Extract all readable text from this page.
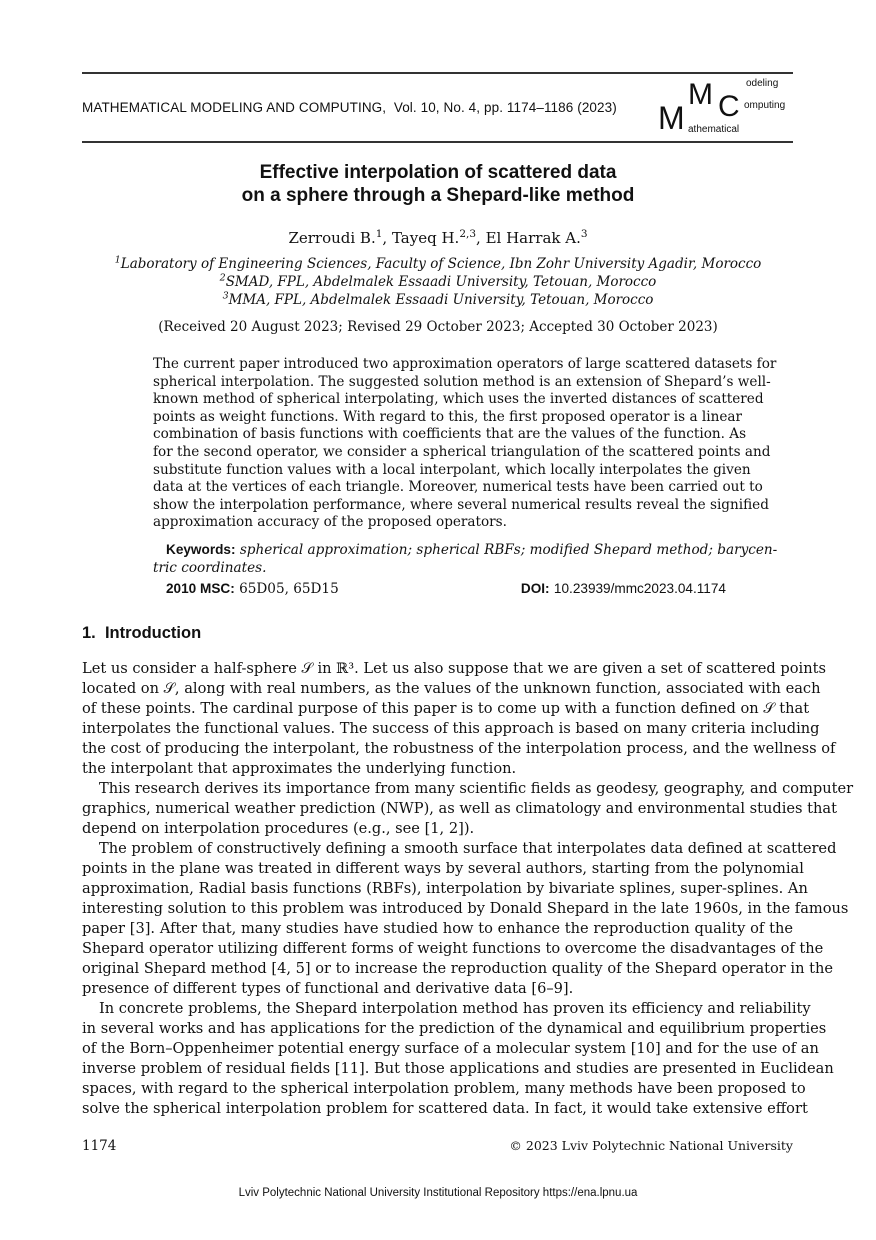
MATHEMATICAL MODELING AND COMPUTING, Vol. 10, No. 4, pp. 1174–1186 (2023) M
M C
odeling
omputing
athematical
Effective interpolation of scattered data
on a sphere through a Shepard-like method
Zerroudi B.$^1$, Tayeq H.$^{2,3}$, El Harrak A.$^3$
$^1$Laboratory of Engineering Sciences, Faculty of Science, Ibn Zohr University Agadir, Morocco
$^2$SMAD, FPL, Abdelmalek Essaadi University, Tetouan, Morocco
$^3$MMA, FPL, Abdelmalek Essaadi University, Tetouan, Morocco
(Received 20 August 2023; Revised 29 October 2023; Accepted 30 October 2023)
The current paper introduced two approximation operators of large scattered datasets for
spherical interpolation. The suggested solution method is an extension of Shepard’s well-
known method of spherical interpolating, which uses the inverted distances of scattered
points as weight functions. With regard to this, the first proposed operator is a linear
combination of basis functions with coefficients that are the values of the function. As
for the second operator, we consider a spherical triangulation of the scattered points and
substitute function values with a local interpolant, which locally interpolates the given
data at the vertices of each triangle. Moreover, numerical tests have been carried out to
show the interpolation performance, where several numerical results reveal the signified
approximation accuracy of the proposed operators.
Keywords: spherical approximation; spherical RBFs; modified Shepard method; barycen-
tric coordinates.
2010 MSC: 65D05, 65D15	DOI: 10.23939/mmc2023.04.1174
1. Introduction
Let us consider a half-sphere 𝒮 in ℝ³. Let us also suppose that we are given a set of scattered points
located on 𝒮, along with real numbers, as the values of the unknown function, associated with each
of these points. The cardinal purpose of this paper is to come up with a function defined on 𝒮 that
interpolates the functional values. The success of this approach is based on many criteria including
the cost of producing the interpolant, the robustness of the interpolation process, and the wellness of
the interpolant that approximates the underlying function.
This research derives its importance from many scientific fields as geodesy, geography, and computer
graphics, numerical weather prediction (NWP), as well as climatology and environmental studies that
depend on interpolation procedures (e.g., see [1, 2]).
The problem of constructively defining a smooth surface that interpolates data defined at scattered
points in the plane was treated in different ways by several authors, starting from the polynomial
approximation, Radial basis functions (RBFs), interpolation by bivariate splines, super-splines. An
interesting solution to this problem was introduced by Donald Shepard in the late 1960s, in the famous
paper [3]. After that, many studies have studied how to enhance the reproduction quality of the
Shepard operator utilizing different forms of weight functions to overcome the disadvantages of the
original Shepard method [4, 5] or to increase the reproduction quality of the Shepard operator in the
presence of different types of functional and derivative data [6–9].
In concrete problems, the Shepard interpolation method has proven its efficiency and reliability
in several works and has applications for the prediction of the dynamical and equilibrium properties
of the Born–Oppenheimer potential energy surface of a molecular system [10] and for the use of an
inverse problem of residual fields [11]. But those applications and studies are presented in Euclidean
spaces, with regard to the spherical interpolation problem, many methods have been proposed to
solve the spherical interpolation problem for scattered data. In fact, it would take extensive effort
1174	© 2023 Lviv Polytechnic National University
Lviv Polytechnic National University Institutional Repository https://ena.lpnu.ua
